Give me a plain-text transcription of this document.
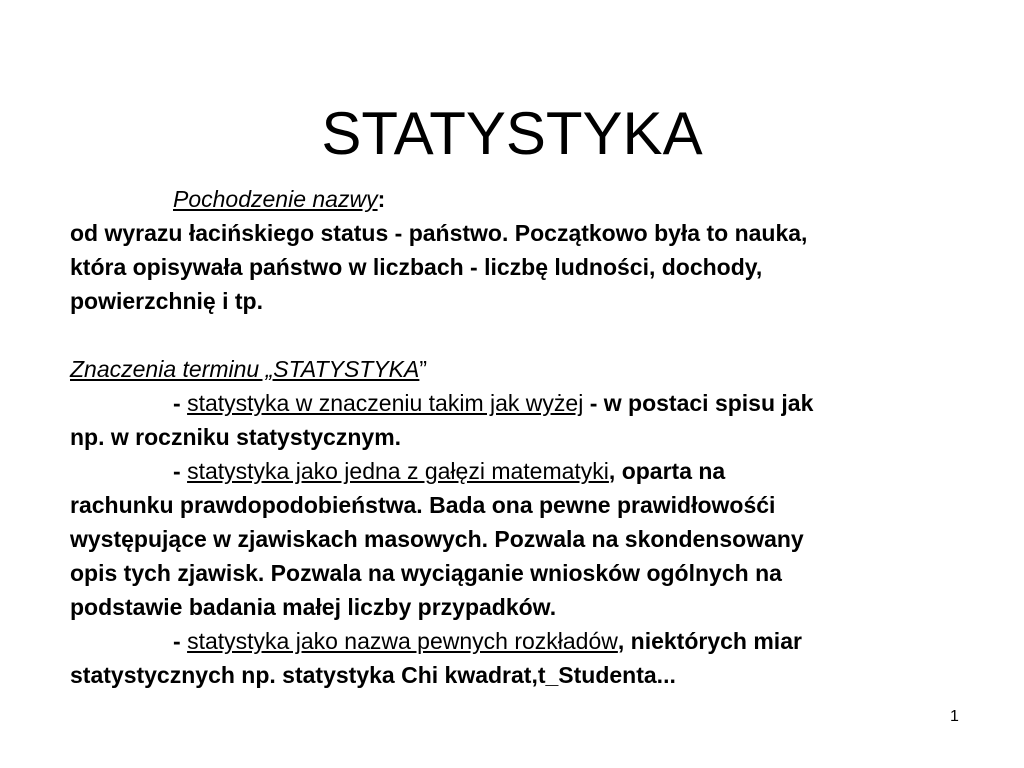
STATYSTYKA

Pochodzenie nazwy:

od wyrazu łacińskiego status - państwo. Początkowo była to nauka,

która opisywała państwo w liczbach - liczbę ludności, dochody,

powierzchnię i tp.

Znaczenia terminu „STATYSTYKA”

- statystyka w znaczeniu takim jak wyżej - w postaci spisu jak

np. w roczniku statystycznym.

- statystyka jako jedna z gałęzi matematyki, oparta na

rachunku prawdopodobieństwa. Bada ona pewne prawidłowośći

występujące w zjawiskach masowych. Pozwala na skondensowany

opis tych zjawisk. Pozwala na wyciąganie wniosków ogólnych na

podstawie badania małej liczby przypadków.

- statystyka jako nazwa pewnych rozkładów, niektórych miar

statystycznych np. statystyka Chi kwadrat,t_Studenta...

1
